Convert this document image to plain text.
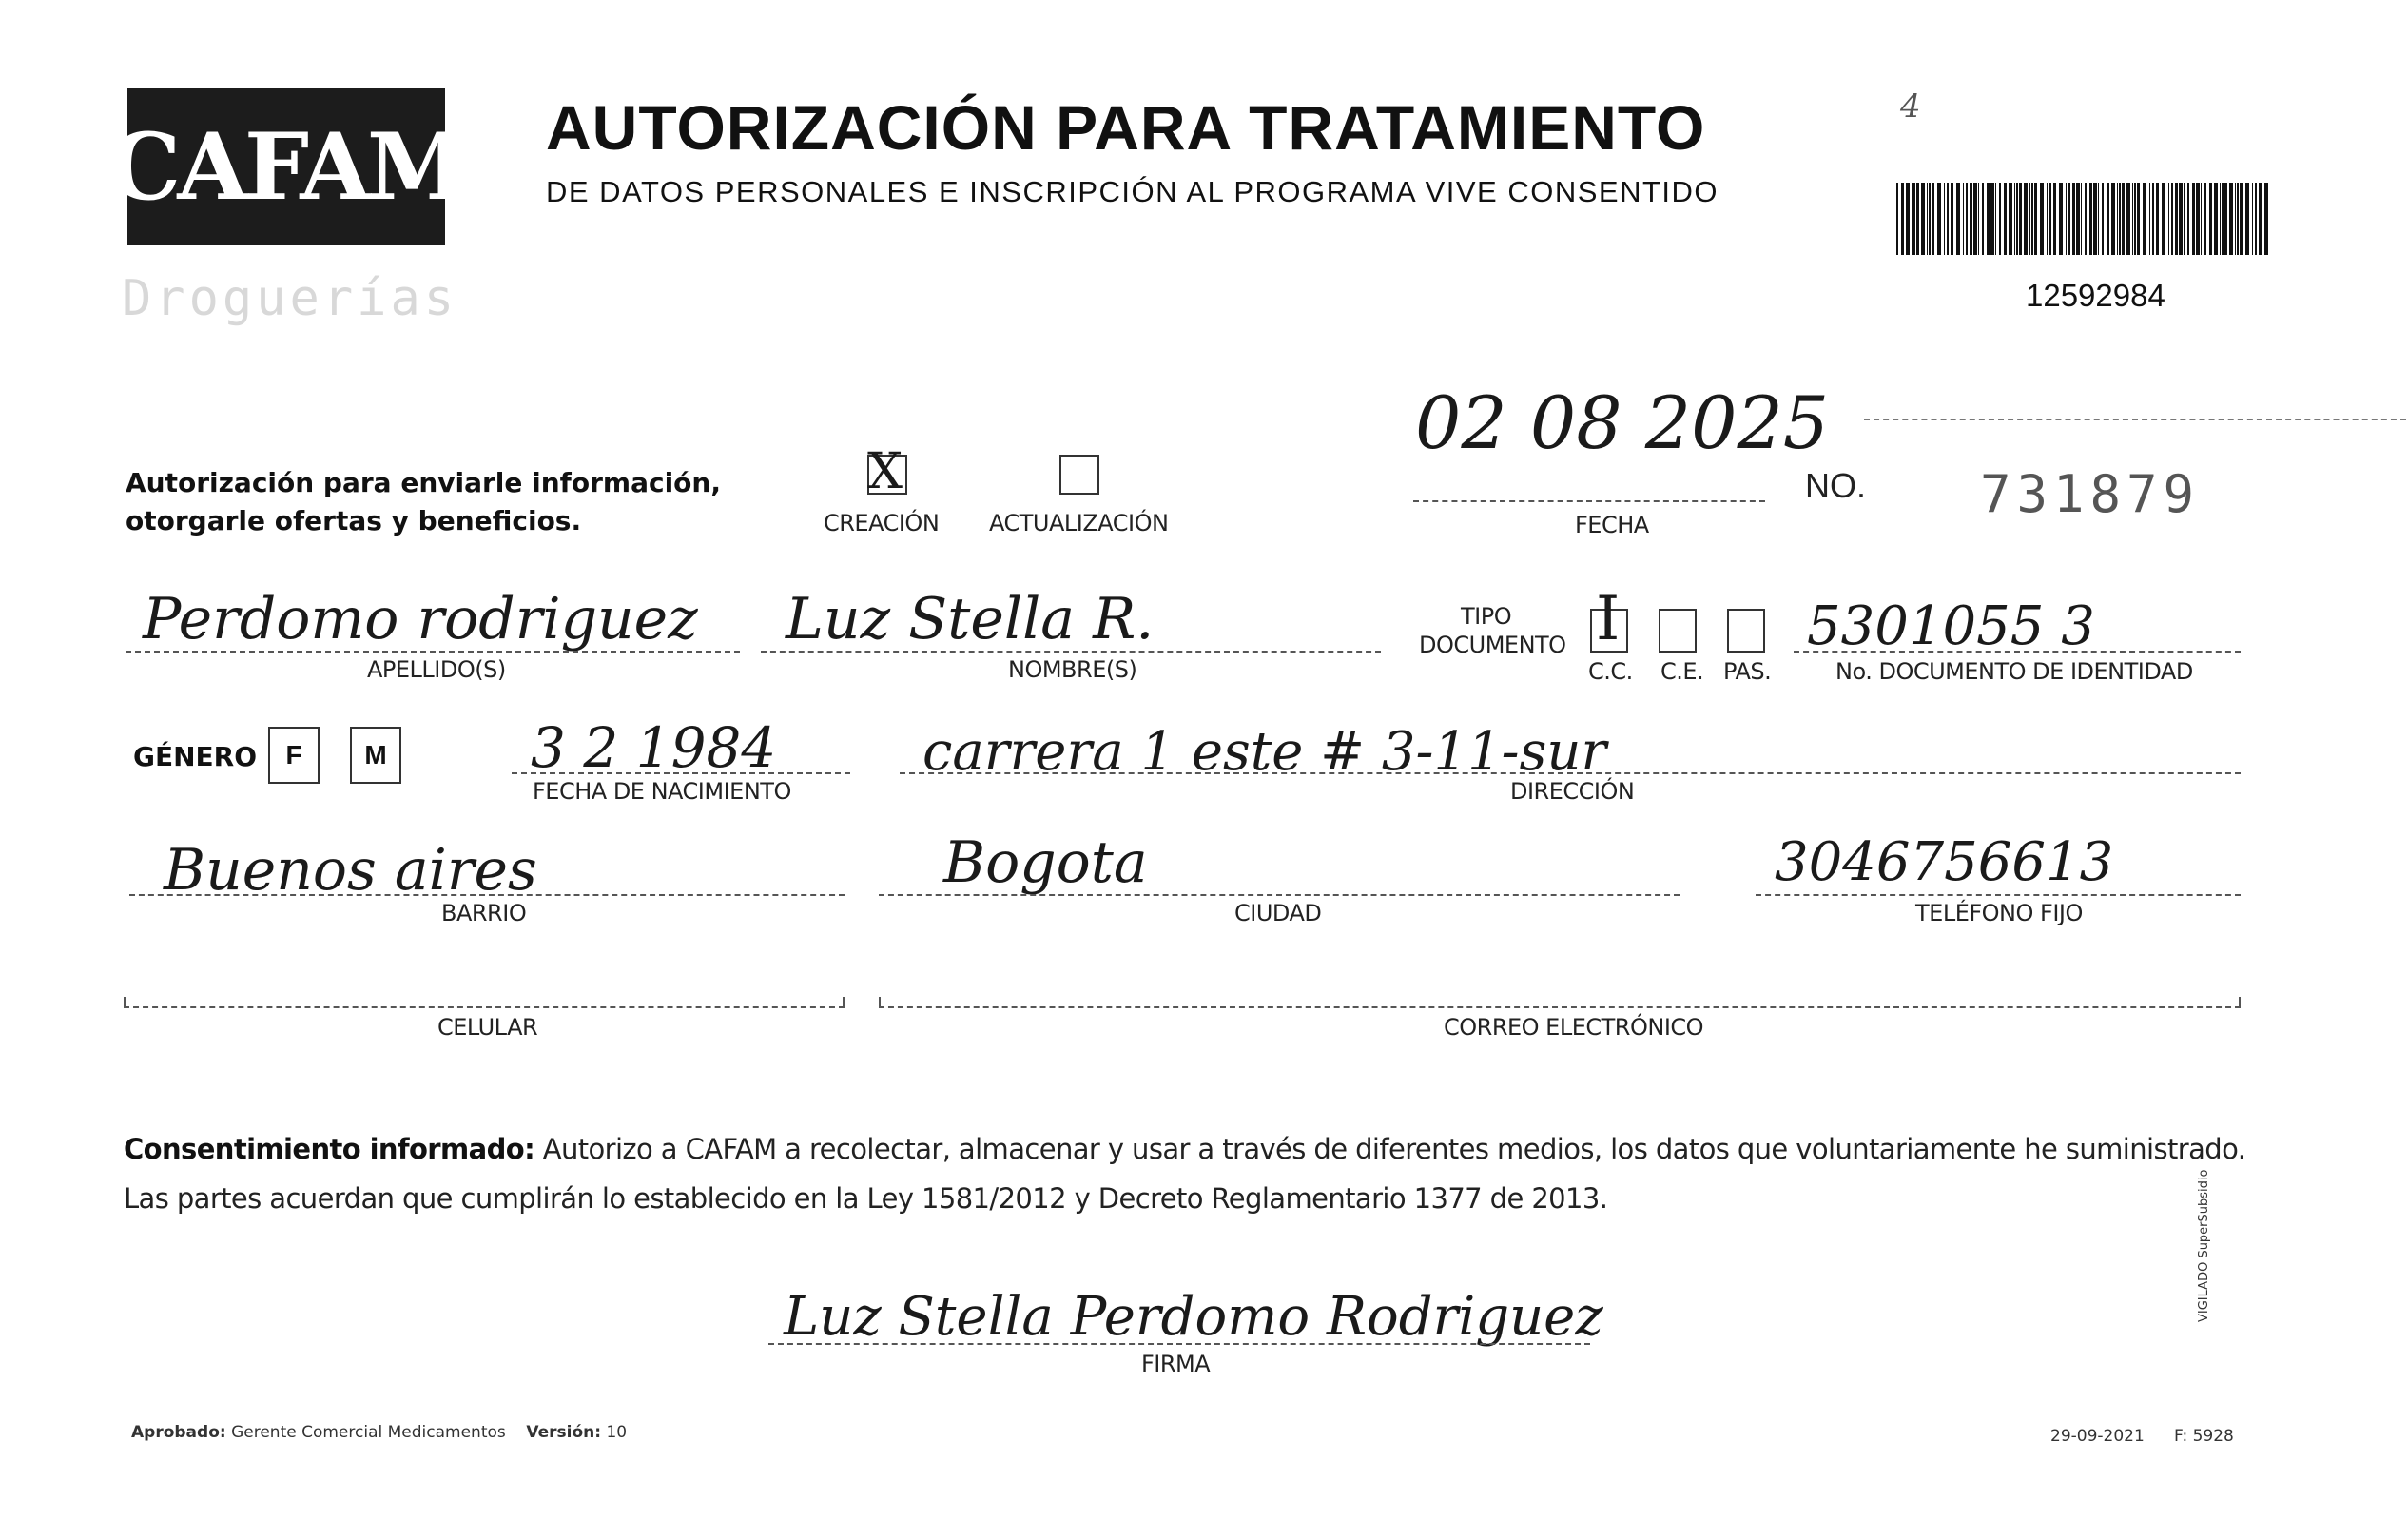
CAFAM
Droguerías
AUTORIZACIÓN PARA TRATAMIENTO
DE DATOS PERSONALES E INSCRIPCIÓN AL PROGRAMA VIVE CONSENTIDO
4
12592984
Autorización para enviarle información,
otorgarle ofertas y beneficios.
X
CREACIÓN ACTUALIZACIÓN
02 08 2025
FECHA
NO. 731879
Perdomo rodriguez
APELLIDO(S)
Luz Stella R.
NOMBRE(S)
TIPO
DOCUMENTO I
C.C. C.E. PAS.
5301055 3
No. DOCUMENTO DE IDENTIDAD
GÉNERO F M	3 2 1984
FECHA DE NACIMIENTO
carrera 1 este # 3-11-sur
DIRECCIÓN
Buenos aires
BARRIO
Bogota
CIUDAD
3046756613
TELÉFONO FIJO
CELULAR	CORREO ELECTRÓNICO
Consentimiento informado: Autorizo a CAFAM a recolectar, almacenar y usar a través de diferentes medios, los datos que voluntariamente he suministrado.
Las partes acuerdan que cumplirán lo establecido en la Ley 1581/2012 y Decreto Reglamentario 1377 de 2013.
Luz Stella Perdomo Rodriguez
FIRMA
Aprobado: Gerente Comercial Medicamentos Versión: 10	29-09-2021 F: 5928
VIGILADO SuperSubsidio
